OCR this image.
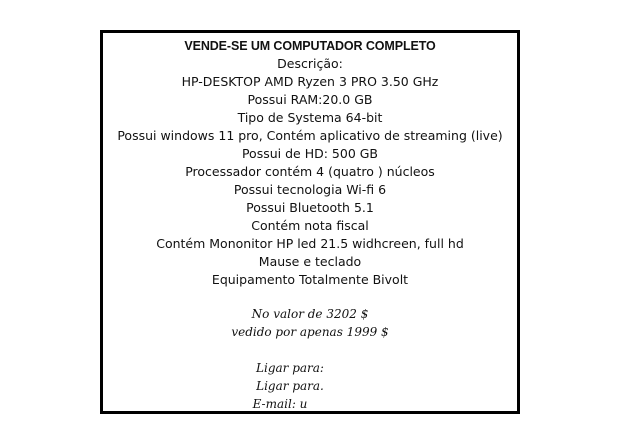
VENDE-SE UM COMPUTADOR COMPLETO
Descrição:
HP-DESKTOP AMD Ryzen 3 PRO 3.50 GHz
Possui RAM:20.0 GB
Tipo de Systema 64-bit
Possui windows 11 pro, Contém aplicativo de streaming (live)
Possui de HD: 500 GB
Processador contém 4 (quatro ) núcleos
Possui tecnologia Wi-fi 6
Possui Bluetooth 5.1
Contém nota fiscal
Contém Mononitor HP led 21.5 widhcreen, full hd
Mause e teclado
Equipamento Totalmente Bivolt
No valor de 3202 $
vedido por apenas 1999 $
Ligar para:
Ligar para.
E-mail: u
